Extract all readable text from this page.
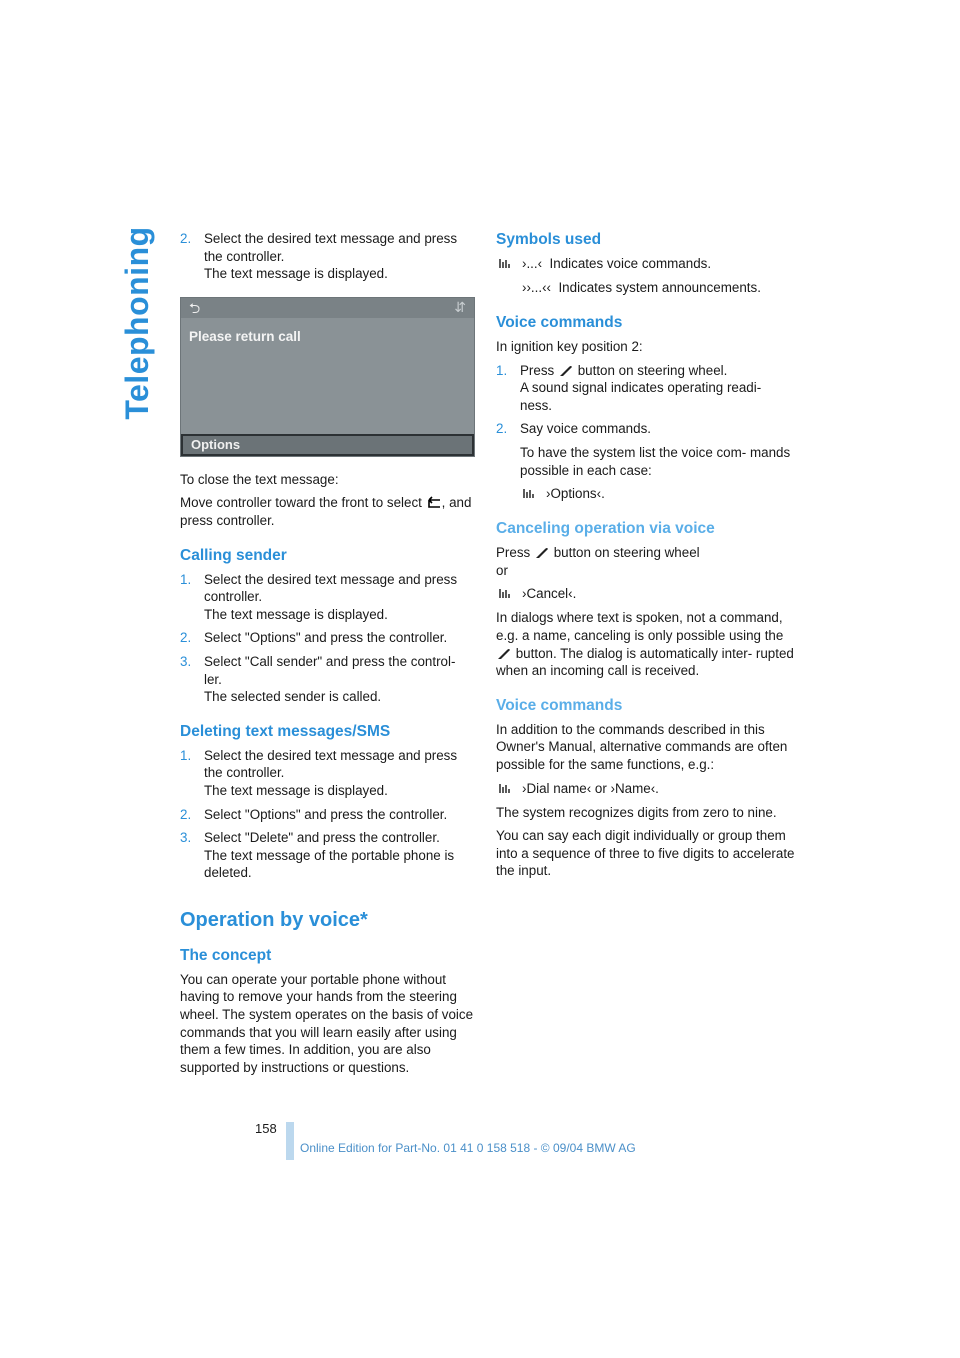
Telephoning 2. Select the desired text message and press the controller.
The text message is displayed.
⮌	⇵
Please return call
Options

To close the text message:

Move controller toward the front to select , and press controller.

Calling sender
1. Select the desired text message and press controller.
The text message is displayed.
2. Select "Options" and press the controller.
3. Select "Call sender" and press the control- ler.
The selected sender is called.
Deleting text messages/SMS
1. Select the desired text message and press the controller.
The text message is displayed.
2. Select "Options" and press the controller.
3. Select "Delete" and press the controller.
The text message of the portable phone is deleted.
Operation by voice*
The concept

You can operate your portable phone without having to remove your hands from the steering wheel. The system operates on the basis of voice commands that you will learn easily after using them a few times. In addition, you are also supported by instructions or questions.

Symbols used
›...‹ Indicates voice commands.
››...‹‹ Indicates system announcements.
Voice commands

In ignition key position 2:

1. Press button on steering wheel.
A sound signal indicates operating readi- ness.
2. Say voice commands.
To have the system list the voice com- mands possible in each case:
›Options‹.
Canceling operation via voice

Press button on steering wheel

or

›Cancel‹.

In dialogs where text is spoken, not a command, e.g. a name, canceling is only possible using the  button. The dialog is automatically inter- rupted when an incoming call is received.

Voice commands

In addition to the commands described in this Owner's Manual, alternative commands are often possible for the same functions, e.g.:

›Dial name‹ or ›Name‹.

The system recognizes digits from zero to nine.

You can say each digit individually or group them into a sequence of three to five digits to accelerate the input.

158
Online Edition for Part-No. 01 41 0 158 518 - © 09/04 BMW AG
